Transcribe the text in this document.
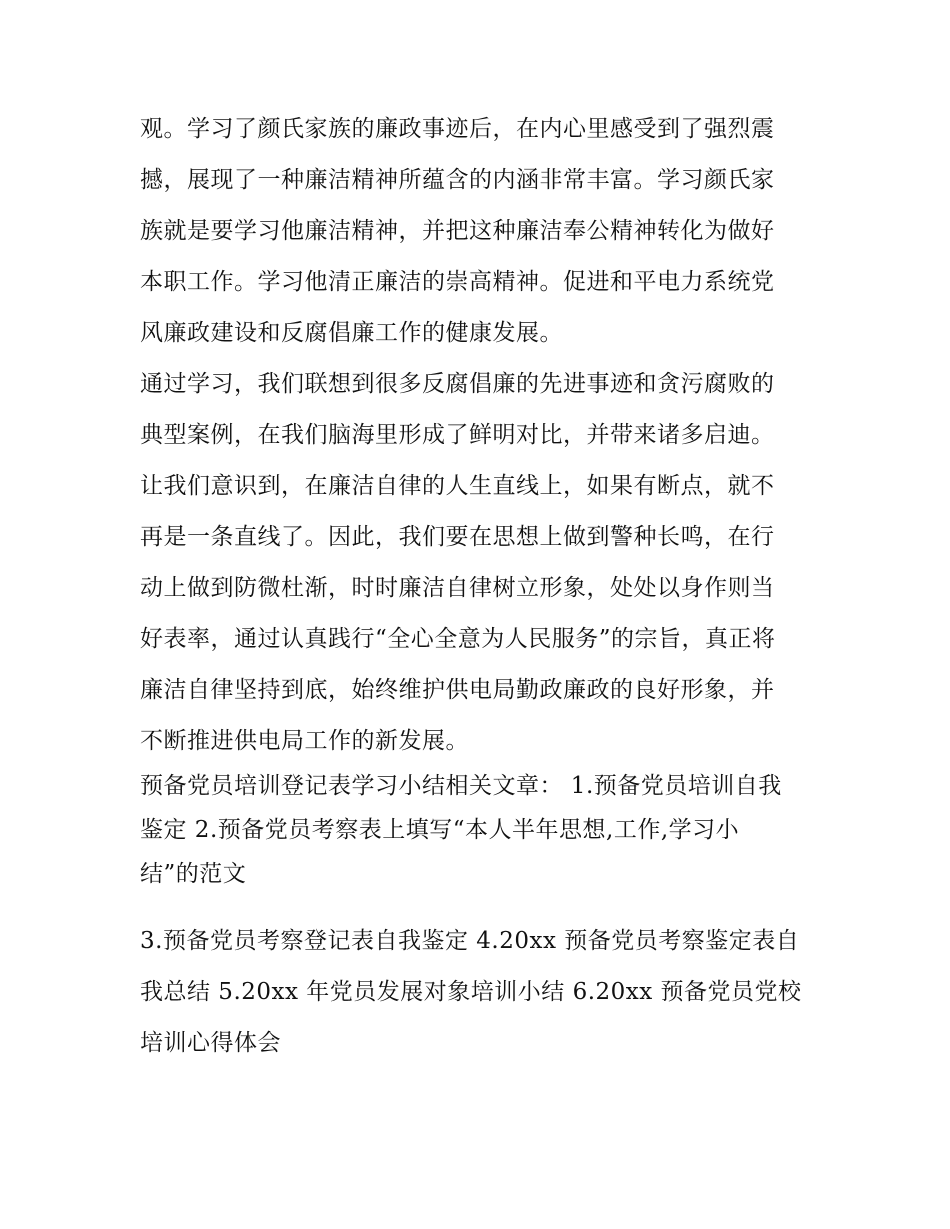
观。学习了颜氏家族的廉政事迹后，在内心里感受到了强烈震
撼，展现了一种廉洁精神所蕴含的内涵非常丰富。学习颜氏家
族就是要学习他廉洁精神，并把这种廉洁奉公精神转化为做好
本职工作。学习他清正廉洁的崇高精神。促进和平电力系统党
风廉政建设和反腐倡廉工作的健康发展。
通过学习，我们联想到很多反腐倡廉的先进事迹和贪污腐败的
典型案例，在我们脑海里形成了鲜明对比，并带来诸多启迪。
让我们意识到，在廉洁自律的人生直线上，如果有断点，就不
再是一条直线了。因此，我们要在思想上做到警种长鸣，在行
动上做到防微杜渐，时时廉洁自律树立形象，处处以身作则当
好表率，通过认真践行“全心全意为人民服务”的宗旨，真正将
廉洁自律坚持到底，始终维护供电局勤政廉政的良好形象，并
不断推进供电局工作的新发展。
预备党员培训登记表学习小结相关文章： 1.预备党员培训自我
鉴定 2.预备党员考察表上填写“本人半年思想,工作,学习小
结”的范文
3.预备党员考察登记表自我鉴定 4.20xx 预备党员考察鉴定表自
我总结 5.20xx 年党员发展对象培训小结 6.20xx 预备党员党校
培训心得体会
